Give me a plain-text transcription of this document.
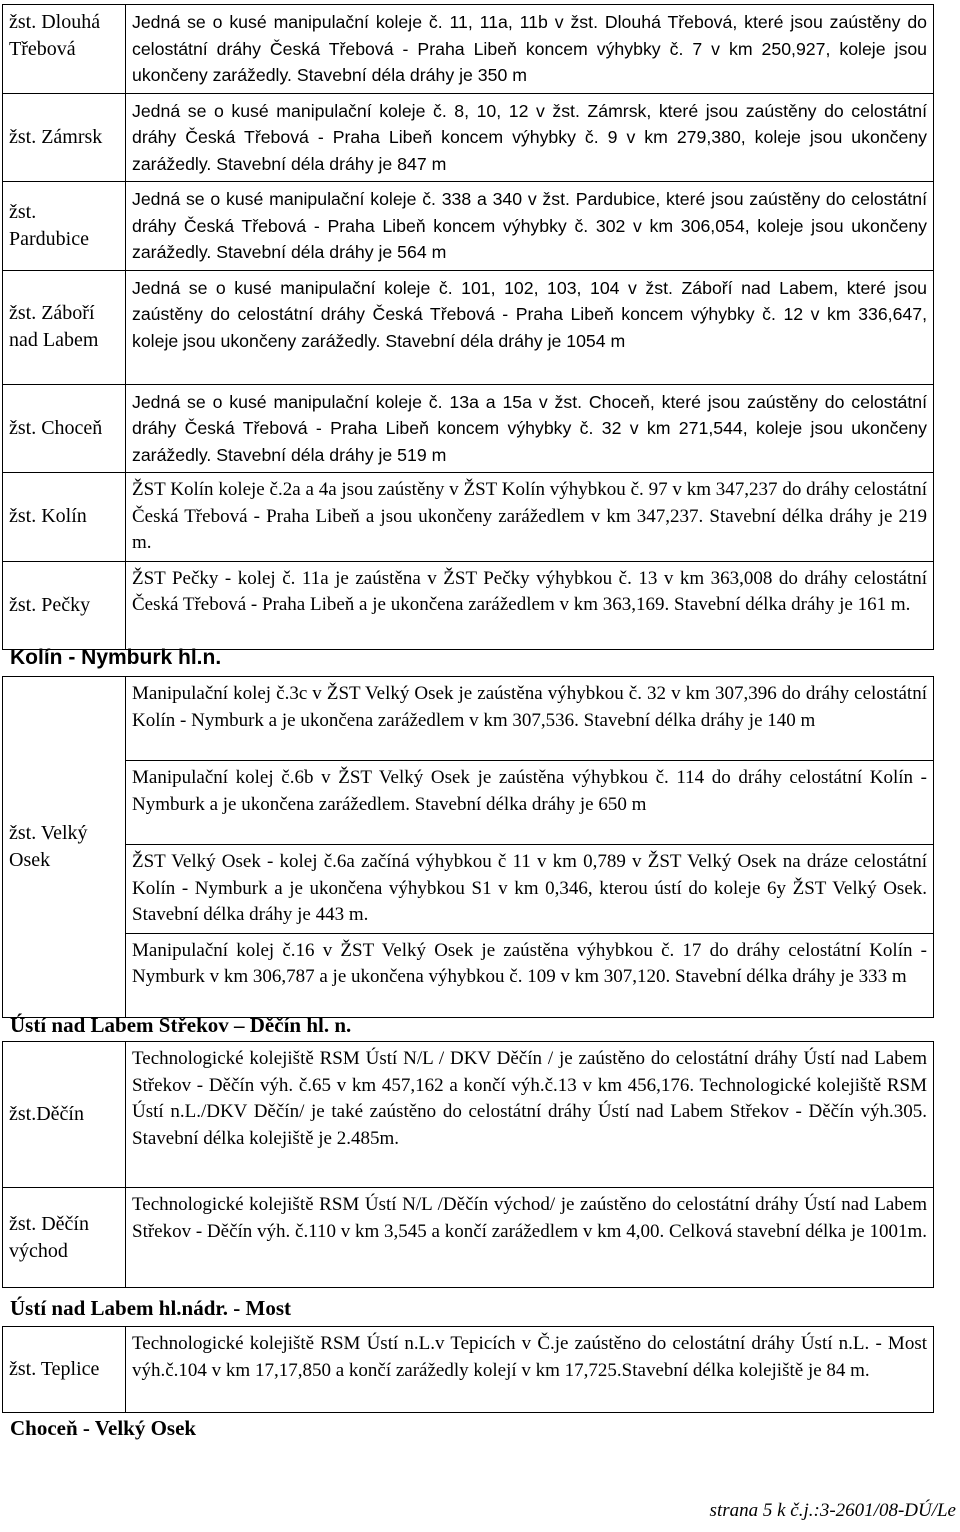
žst. Dlouhá Třebová	Jedná se o kusé manipulační koleje č. 11, 11a, 11b v žst. Dlouhá Třebová, které jsou zaústěny do celostátní dráhy Česká Třebová - Praha Libeň koncem výhybky č. 7 v km 250,927, koleje jsou ukončeny zarážedly. Stavební déla dráhy je 350 m
žst. Zámrsk	Jedná se o kusé manipulační koleje č. 8, 10, 12 v žst. Zámrsk, které jsou zaústěny do celostátní dráhy Česká Třebová - Praha Libeň koncem výhybky č. 9 v km 279,380, koleje jsou ukončeny zarážedly. Stavební déla dráhy je 847 m
žst. Pardubice	Jedná se o kusé manipulační koleje č. 338 a 340 v žst. Pardubice, které jsou zaústěny do celostátní dráhy Česká Třebová - Praha Libeň koncem výhybky č. 302 v km 306,054, koleje jsou ukončeny zarážedly. Stavební déla dráhy je 564 m
žst. Záboří nad Labem	Jedná se o kusé manipulační koleje č. 101, 102, 103, 104 v žst. Záboří nad Labem, které jsou zaústěny do celostátní dráhy Česká Třebová - Praha Libeň koncem výhybky č. 12 v km 336,647, koleje jsou ukončeny zarážedly. Stavební déla dráhy je 1054 m
žst. Choceň	Jedná se o kusé manipulační koleje č. 13a a 15a v žst. Choceň, které jsou zaústěny do celostátní dráhy Česká Třebová - Praha Libeň koncem výhybky č. 32 v km 271,544, koleje jsou ukončeny zarážedly. Stavební déla dráhy je 519 m
žst. Kolín	ŽST Kolín koleje č.2a a 4a jsou zaústěny v ŽST Kolín výhybkou č. 97 v km 347,237 do dráhy celostátní Česká Třebová - Praha Libeň a jsou ukončeny zarážedlem v km 347,237. Stavební délka dráhy je 219 m.
žst. Pečky	ŽST Pečky - kolej č. 11a je zaústěna v ŽST Pečky výhybkou č. 13 v km 363,008 do dráhy celostátní Česká Třebová - Praha Libeň a je ukončena zarážedlem v km 363,169. Stavební délka dráhy je 161 m.
Kolín - Nymburk hl.n.
žst. Velký Osek	Manipulační kolej č.3c v ŽST Velký Osek je zaústěna výhybkou č. 32 v km 307,396 do dráhy celostátní Kolín - Nymburk a je ukončena zarážedlem v km 307,536. Stavební délka dráhy je 140 m
Manipulační kolej č.6b v ŽST Velký Osek je zaústěna výhybkou č. 114 do dráhy celostátní Kolín - Nymburk a je ukončena zarážedlem. Stavební délka dráhy je 650 m
ŽST Velký Osek - kolej č.6a začíná výhybkou č 11 v km 0,789 v ŽST Velký Osek na dráze celostátní Kolín - Nymburk a je ukončena výhybkou S1 v km 0,346, kterou ústí do koleje 6y ŽST Velký Osek. Stavební délka dráhy je 443 m.
Manipulační kolej č.16 v ŽST Velký Osek je zaústěna výhybkou č. 17 do dráhy celostátní Kolín - Nymburk v km 306,787 a je ukončena výhybkou č. 109 v km 307,120. Stavební délka dráhy je 333 m
Ústí nad Labem Střekov – Děčín hl. n.
žst.Děčín	Technologické kolejiště RSM Ústí N/L / DKV Děčín / je zaústěno do celostátní dráhy Ústí nad Labem Střekov - Děčín výh. č.65 v km 457,162 a končí výh.č.13 v km 456,176. Technologické kolejiště RSM Ústí n.L./DKV Děčín/ je také zaústěno do celostátní dráhy Ústí nad Labem Střekov - Děčín výh.305. Stavební délka kolejiště je 2.485m.
žst. Děčín východ	Technologické kolejiště RSM Ústí N/L /Děčín východ/ je zaústěno do celostátní dráhy Ústí nad Labem Střekov - Děčín výh. č.110 v km 3,545 a končí zarážedlem v km 4,00. Celková stavební délka je 1001m.
Ústí nad Labem hl.nádr. - Most
žst. Teplice	Technologické kolejiště RSM Ústí n.L.v Tepicích v Č.je zaústěno do celostátní dráhy Ústí n.L. - Most výh.č.104 v km 17,17,850 a končí zarážedly kolejí v km 17,725.Stavební délka kolejiště je 84 m.
Choceň - Velký Osek
strana 5 k č.j.:3-2601/08-DÚ/Le
